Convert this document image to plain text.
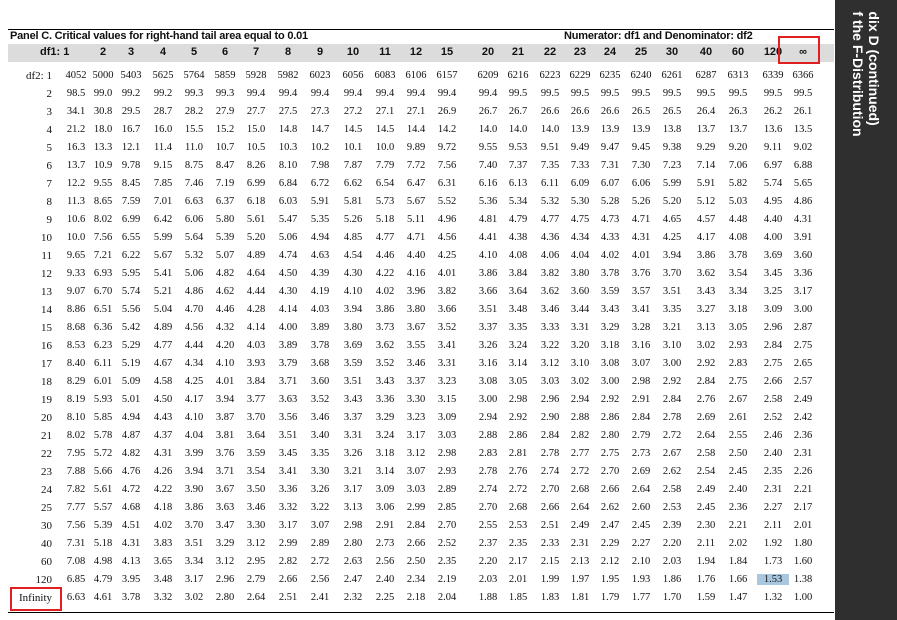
Panel C. Critical values for right-hand tail area equal to 0.01	Numerator: df1 and Denominator: df2
df1: 1	2	3	4	5	6	7	8	9	10	11	12	15	20	21	22	23	24	25	30	40	60	120	∞
df2: 1	4052 5000 5403	5625 5764 5859 5928	5982	6023	6056	6083 6106 6157	6209 6216	6223 6229 6235 6240 6261	6287	6313	6339 6366
2	98.5 99.0 99.2	99.2	99.3	99.3	99.4	99.4	99.4	99.4	99.4	99.4	99.4	99.4	99.5	99.5	99.5	99.5	99.5	99.5	99.5	99.5	99.5	99.5
3	34.1 30.8 29.5	28.7	28.2	27.9	27.7	27.5	27.3	27.2	27.1	27.1	26.9	26.7	26.7	26.6	26.6	26.6	26.5	26.5	26.4	26.3	26.2	26.1
4	21.2 18.0 16.7	16.0	15.5	15.2	15.0	14.8	14.7	14.5	14.5	14.4	14.2	14.0	14.0	14.0	13.9	13.9	13.9	13.8	13.7	13.7	13.6	13.5
5	16.3 13.3 12.1	11.4	11.0	10.7	10.5	10.3	10.2	10.1	10.0	9.89	9.72	9.55	9.53	9.51	9.49	9.47	9.45	9.38	9.29	9.20	9.11	9.02
6	13.7 10.9 9.78	9.15	8.75	8.47	8.26	8.10	7.98	7.87	7.79	7.72	7.56	7.40	7.37	7.35	7.33	7.31	7.30	7.23	7.14	7.06	6.97	6.88
7	12.2 9.55 8.45	7.85	7.46	7.19	6.99	6.84	6.72	6.62	6.54	6.47	6.31	6.16	6.13	6.11	6.09	6.07	6.06	5.99	5.91	5.82	5.74	5.65
8	11.3 8.65 7.59	7.01	6.63	6.37	6.18	6.03	5.91	5.81	5.73	5.67	5.52	5.36	5.34	5.32	5.30	5.28	5.26	5.20	5.12	5.03	4.95	4.86
9	10.6 8.02 6.99	6.42	6.06	5.80	5.61	5.47	5.35	5.26	5.18	5.11	4.96	4.81	4.79	4.77	4.75	4.73	4.71	4.65	4.57	4.48	4.40	4.31
10	10.0 7.56 6.55	5.99	5.64	5.39	5.20	5.06	4.94	4.85	4.77	4.71	4.56	4.41	4.38	4.36	4.34	4.33	4.31	4.25	4.17	4.08	4.00	3.91
11	9.65 7.21 6.22	5.67	5.32	5.07	4.89	4.74	4.63	4.54	4.46	4.40	4.25	4.10	4.08	4.06	4.04	4.02	4.01	3.94	3.86	3.78	3.69	3.60
12	9.33 6.93 5.95	5.41	5.06	4.82	4.64	4.50	4.39	4.30	4.22	4.16	4.01	3.86	3.84	3.82	3.80	3.78	3.76	3.70	3.62	3.54	3.45	3.36
13	9.07 6.70 5.74	5.21	4.86	4.62	4.44	4.30	4.19	4.10	4.02	3.96	3.82	3.66	3.64	3.62	3.60	3.59	3.57	3.51	3.43	3.34	3.25	3.17
14	8.86 6.51 5.56	5.04	4.70	4.46	4.28	4.14	4.03	3.94	3.86	3.80	3.66	3.51	3.48	3.46	3.44	3.43	3.41	3.35	3.27	3.18	3.09	3.00
15	8.68 6.36 5.42	4.89	4.56	4.32	4.14	4.00	3.89	3.80	3.73	3.67	3.52	3.37	3.35	3.33	3.31	3.29	3.28	3.21	3.13	3.05	2.96	2.87
16	8.53 6.23 5.29	4.77	4.44	4.20	4.03	3.89	3.78	3.69	3.62	3.55	3.41	3.26	3.24	3.22	3.20	3.18	3.16	3.10	3.02	2.93	2.84	2.75
17	8.40 6.11 5.19	4.67	4.34	4.10	3.93	3.79	3.68	3.59	3.52	3.46	3.31	3.16	3.14	3.12	3.10	3.08	3.07	3.00	2.92	2.83	2.75	2.65
18	8.29 6.01 5.09	4.58	4.25	4.01	3.84	3.71	3.60	3.51	3.43	3.37	3.23	3.08	3.05	3.03	3.02	3.00	2.98	2.92	2.84	2.75	2.66	2.57
19	8.19 5.93 5.01	4.50	4.17	3.94	3.77	3.63	3.52	3.43	3.36	3.30	3.15	3.00	2.98	2.96	2.94	2.92	2.91	2.84	2.76	2.67	2.58	2.49
20	8.10 5.85 4.94	4.43	4.10	3.87	3.70	3.56	3.46	3.37	3.29	3.23	3.09	2.94	2.92	2.90	2.88	2.86	2.84	2.78	2.69	2.61	2.52	2.42
21	8.02 5.78 4.87	4.37	4.04	3.81	3.64	3.51	3.40	3.31	3.24	3.17	3.03	2.88	2.86	2.84	2.82	2.80	2.79	2.72	2.64	2.55	2.46	2.36
22	7.95 5.72 4.82	4.31	3.99	3.76	3.59	3.45	3.35	3.26	3.18	3.12	2.98	2.83	2.81	2.78	2.77	2.75	2.73	2.67	2.58	2.50	2.40	2.31
23	7.88 5.66 4.76	4.26	3.94	3.71	3.54	3.41	3.30	3.21	3.14	3.07	2.93	2.78	2.76	2.74	2.72	2.70	2.69	2.62	2.54	2.45	2.35	2.26
24	7.82 5.61 4.72	4.22	3.90	3.67	3.50	3.36	3.26	3.17	3.09	3.03	2.89	2.74	2.72	2.70	2.68	2.66	2.64	2.58	2.49	2.40	2.31	2.21
25	7.77 5.57 4.68	4.18	3.86	3.63	3.46	3.32	3.22	3.13	3.06	2.99	2.85	2.70	2.68	2.66	2.64	2.62	2.60	2.53	2.45	2.36	2.27	2.17
30	7.56 5.39 4.51	4.02	3.70	3.47	3.30	3.17	3.07	2.98	2.91	2.84	2.70	2.55	2.53	2.51	2.49	2.47	2.45	2.39	2.30	2.21	2.11	2.01
40	7.31 5.18 4.31	3.83	3.51	3.29	3.12	2.99	2.89	2.80	2.73	2.66	2.52	2.37	2.35	2.33	2.31	2.29	2.27	2.20	2.11	2.02	1.92	1.80
60	7.08 4.98 4.13	3.65	3.34	3.12	2.95	2.82	2.72	2.63	2.56	2.50	2.35	2.20	2.17	2.15	2.13	2.12	2.10	2.03	1.94	1.84	1.73	1.60
120	6.85 4.79 3.95	3.48	3.17	2.96	2.79	2.66	2.56	2.47	2.40	2.34	2.19	2.03	2.01	1.99	1.97	1.95	1.93	1.86	1.76	1.66	1.53	1.38
Infinity	6.63 4.61 3.78	3.32	3.02	2.80	2.64	2.51	2.41	2.32	2.25	2.18	2.04	1.88	1.85	1.83	1.81	1.79	1.77	1.70	1.59	1.47	1.32	1.00
dix D (continued)
f the F-Distribution
